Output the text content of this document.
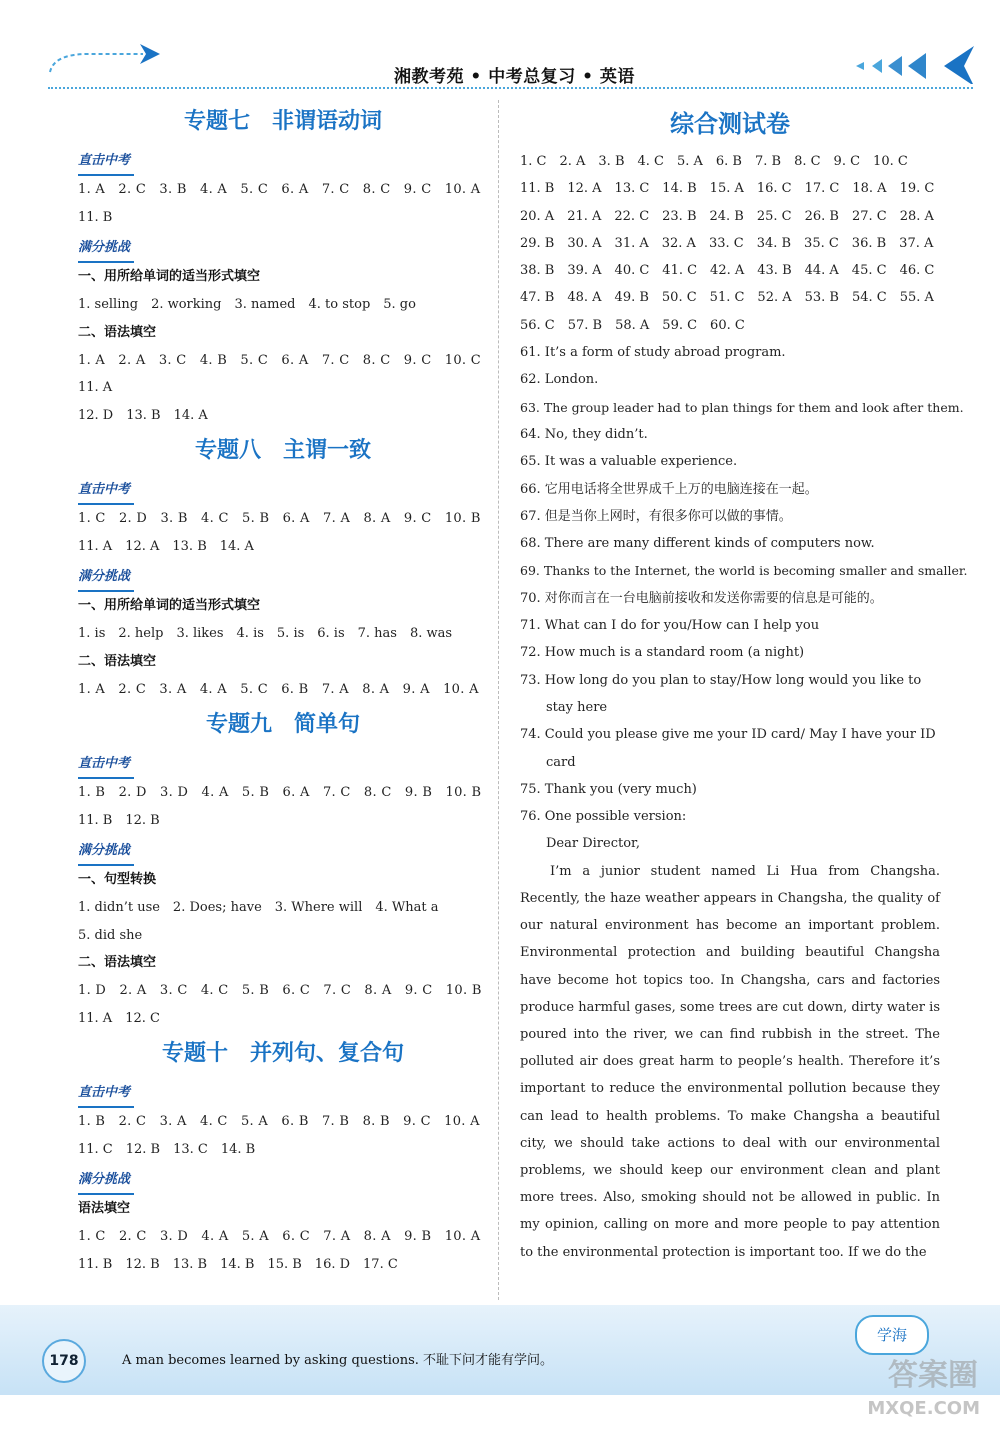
湘教考苑 • 中考总复习 • 英语
专题七　非谓语动词
直击中考
1. A　2. C　3. B　4. A　5. C　6. A　7. C　8. C　9. C　10. A
11. B
满分挑战
一、用所给单词的适当形式填空
1. selling　2. working　3. named　4. to stop　5. go
二、语法填空
1. A　2. A　3. C　4. B　5. C　6. A　7. C　8. C　9. C　10. C
11. A
12. D　13. B　14. A
专题八　主谓一致
直击中考
1. C　2. D　3. B　4. C　5. B　6. A　7. A　8. A　9. C　10. B
11. A　12. A　13. B　14. A
满分挑战
一、用所给单词的适当形式填空
1. is　2. help　3. likes　4. is　5. is　6. is　7. has　8. was
二、语法填空
1. A　2. C　3. A　4. A　5. C　6. B　7. A　8. A　9. A　10. A
专题九　简单句
直击中考
1. B　2. D　3. D　4. A　5. B　6. A　7. C　8. C　9. B　10. B
11. B　12. B
满分挑战
一、句型转换
1. didn’t use　2. Does; have　3. Where will　4. What a
5. did she
二、语法填空
1. D　2. A　3. C　4. C　5. B　6. C　7. C　8. A　9. C　10. B
11. A　12. C
专题十　并列句、复合句
直击中考
1. B　2. C　3. A　4. C　5. A　6. B　7. B　8. B　9. C　10. A
11. C　12. B　13. C　14. B
满分挑战
语法填空
1. C　2. C　3. D　4. A　5. A　6. C　7. A　8. A　9. B　10. A
11. B　12. B　13. B　14. B　15. B　16. D　17. C
综合测试卷
1. C　2. A　3. B　4. C　5. A　6. B　7. B　8. C　9. C　10. C
11. B　12. A　13. C　14. B　15. A　16. C　17. C　18. A　19. C
20. A　21. A　22. C　23. B　24. B　25. C　26. B　27. C　28. A
29. B　30. A　31. A　32. A　33. C　34. B　35. C　36. B　37. A
38. B　39. A　40. C　41. C　42. A　43. B　44. A　45. C　46. C
47. B　48. A　49. B　50. C　51. C　52. A　53. B　54. C　55. A
56. C　57. B　58. A　59. C　60. C
61. It’s a form of study abroad program.
62. London.
63. The group leader had to plan things for them and look after them.
64. No, they didn’t.
65. It was a valuable experience.
66. 它用电话将全世界成千上万的电脑连接在一起。
67. 但是当你上网时，有很多你可以做的事情。
68. There are many different kinds of computers now.
69. Thanks to the Internet, the world is becoming smaller and smaller.
70. 对你而言在一台电脑前接收和发送你需要的信息是可能的。
71. What can I do for you/How can I help you
72. How much is a standard room (a night)
73. How long do you plan to stay/How long would you like to
　　stay here
74. Could you please give me your ID card/ May I have your ID
　　card
75. Thank you (very much)
76. One possible version:
　　Dear Director,

I’m a junior student named Li Hua from Changsha. Recently, the haze weather appears in Changsha, the quality of our natural environment has become an important problem. Environmental protection and building beautiful Changsha have become hot topics too. In Changsha, cars and factories produce harmful gases, some trees are cut down, dirty water is poured into the river, we can find rubbish in the street. The polluted air does great harm to people’s health. Therefore it’s important to reduce the environmental pollution because they can lead to health problems. To make Changsha a beautiful city, we should take actions to deal with our environmental problems, we should keep our environment clean and plant more trees. Also, smoking should not be allowed in public. In my opinion, calling on more and more people to pay attention to the environmental protection is important too. If we do the

178	A man becomes learned by asking questions. 不耻下问才能有学问。
学海
答案圈
MXQE.COM
